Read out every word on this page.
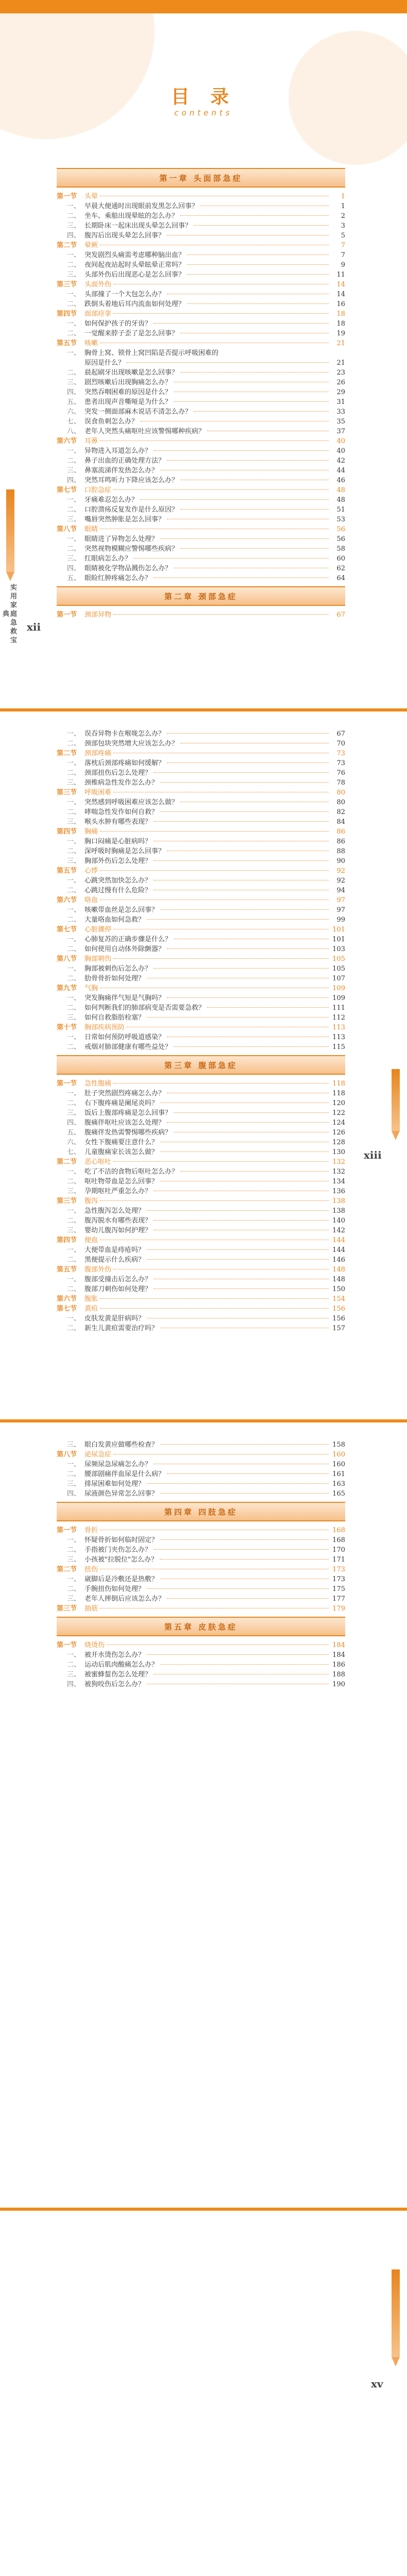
目 录
contents
第一章 头面部急症
第一节	头晕	1
一、 早晨大便通时出现眼前发黑怎么回事？	1
二、 坐车、乘船出现晕眩的怎么办？	2
三、 长期卧床一起床出现头晕怎么回事？	3
四、 腹泻后出现头晕怎么回事？	5
第二节	晕厥	7
一、 突发剧烈头痛需考虑哪种脑出血？	7
二、 夜间起夜站起时头晕眩晕正常吗？	9
三、 头部外伤后出现恶心是怎么回事？	11
第三节	头面外伤	14
一、 头部撞了一个大包怎么办？	14
二、 跌倒头着地后耳内流血如何处理？	16
第四节	面部痉挛	18
一、 如何保护孩子的牙齿？	18
二、 一觉醒来脖子歪了是怎么回事？	19
第五节	咳嗽	21
一、 胸骨上窝、锁骨上窝凹陷是否提示呼吸困难的
原因是什么？	21
二、 晨起刷牙出现咳嗽是怎么回事？	23
三、 剧烈咳嗽后出现胸痛怎么办？	26
四、 突然吞咽困难的原因是什么？	29
五、 患者出现声音嘶哑是为什么？	31
六、 突发一侧面部麻木说话不清怎么办？	33
七、 误食鱼刺怎么办？	35
八、 老年人突然头痛呕吐应该警惕哪种疾病？	37
第六节	耳鼻	40
一、 异物进入耳道怎么办？	40
二、 鼻子出血的正确处理方法？	42
三、 鼻塞流涕伴发热怎么办？	44
四、 突然耳鸣听力下降应该怎么办？	46
第七节	口腔急症	48
一、 牙痛难忍怎么办？	48
二、 口腔溃疡反复发作是什么原因？	51
三、 嘴唇突然肿胀是怎么回事？	53
第八节	眼睛	56
一、 眼睛进了异物怎么处理？	56
二、 突然视物模糊应警惕哪些疾病？	58
三、 红眼病怎么办？	60
四、 眼睛被化学物品溅伤怎么办？	62
五、 眼睑红肿疼痛怎么办？	64
第二章 颈部急症
第一节	颈部异物	67
实用家庭急救宝典
xii
一、 误吞异物卡在喉咙怎么办？	67
二、 颈部包块突然增大应该怎么办？	70
第二节	颈部疼痛	73
一、 落枕后颈部疼痛如何缓解？	73
二、 颈部扭伤后怎么处理？	76
三、 颈椎病急性发作怎么办？	78
第三节	呼吸困难	80
一、 突然感到呼吸困难应该怎么做？	80
二、 哮喘急性发作如何自救？	82
三、 喉头水肿有哪些表现？	84
第四节	胸痛	86
一、 胸口闷痛是心脏病吗？	86
二、 深呼吸时胸痛是怎么回事？	88
三、 胸部外伤后怎么处理？	90
第五节	心悸	92
一、 心跳突然加快怎么办？	92
二、 心跳过慢有什么危险？	94
第六节	咯血	97
一、 咳嗽带血丝是怎么回事？	97
二、 大量咯血如何急救？	99
第七节	心脏骤停	101
一、 心肺复苏的正确步骤是什么？	101
二、 如何使用自动体外除颤器？	103
第八节	胸部刺伤	105
一、 胸部被刺伤后怎么办？	105
二、 肋骨骨折如何处理？	107
第九节	气胸	109
一、 突发胸痛伴气短是气胸吗？	109
二、 如何判断我们的肺部病变是否需要急救？	111
三、 如何自救脂肪栓塞？	112
第十节	胸部疾病预防	113
一、 日常如何预防呼吸道感染？	113
二、 戒烟对肺部健康有哪些益处？	115
第三章 腹部急症
第一节	急性腹痛	118
一、 肚子突然剧烈疼痛怎么办？	118
二、 右下腹疼痛是阑尾炎吗？	120
三、 饭后上腹部疼痛是怎么回事？	122
四、 腹痛伴呕吐应该怎么处理？	124
五、 腹痛伴发热需警惕哪些疾病？	126
六、 女性下腹痛要注意什么？	128
七、 儿童腹痛家长该怎么做？	130
第二节	恶心呕吐	132
一、 吃了不洁的食物后呕吐怎么办？	132
二、 呕吐物带血是怎么回事？	134
三、 孕期呕吐严重怎么办？	136
第三节	腹泻	138
一、 急性腹泻怎么处理？	138
二、 腹泻脱水有哪些表现？	140
三、 婴幼儿腹泻如何护理？	142
第四节	便血	144
一、 大便带血是痔疮吗？	144
二、 黑便提示什么疾病？	146
第五节	腹部外伤	148
一、 腹部受撞击后怎么办？	148
二、 腹部刀刺伤如何处理？	150
第六节	腹胀	154
第七节	黄疸	156
一、 皮肤发黄是肝病吗？	156
二、 新生儿黄疸需要治疗吗？	157
xiii
三、 眼白发黄应做哪些检查？	158
第八节	泌尿急症	160
一、 尿频尿急尿痛怎么办？	160
二、 腰部剧痛伴血尿是什么病？	161
三、 排尿困难如何处理？	163
四、 尿液颜色异常怎么回事？	165
第四章 四肢急症
第一节	骨折	168
一、 怀疑骨折如何临时固定？	168
二、 手指被门夹伤怎么办？	170
三、 小孩被"拉脱位"怎么办？	171
第二节	扭伤	173
一、 崴脚后是冷敷还是热敷？	173
二、 手腕扭伤如何处理？	175
三、 老年人摔倒后应该怎么办？	177
第三节	抽筋	179
第五章 皮肤急症
第一节	烧烫伤	184
一、 被开水烫伤怎么办？	184
二、 运动后肌肉酸痛怎么办？	186
三、 被蜜蜂蜇伤怎么处理？	188
四、 被狗咬伤后怎么办？	190
xv
